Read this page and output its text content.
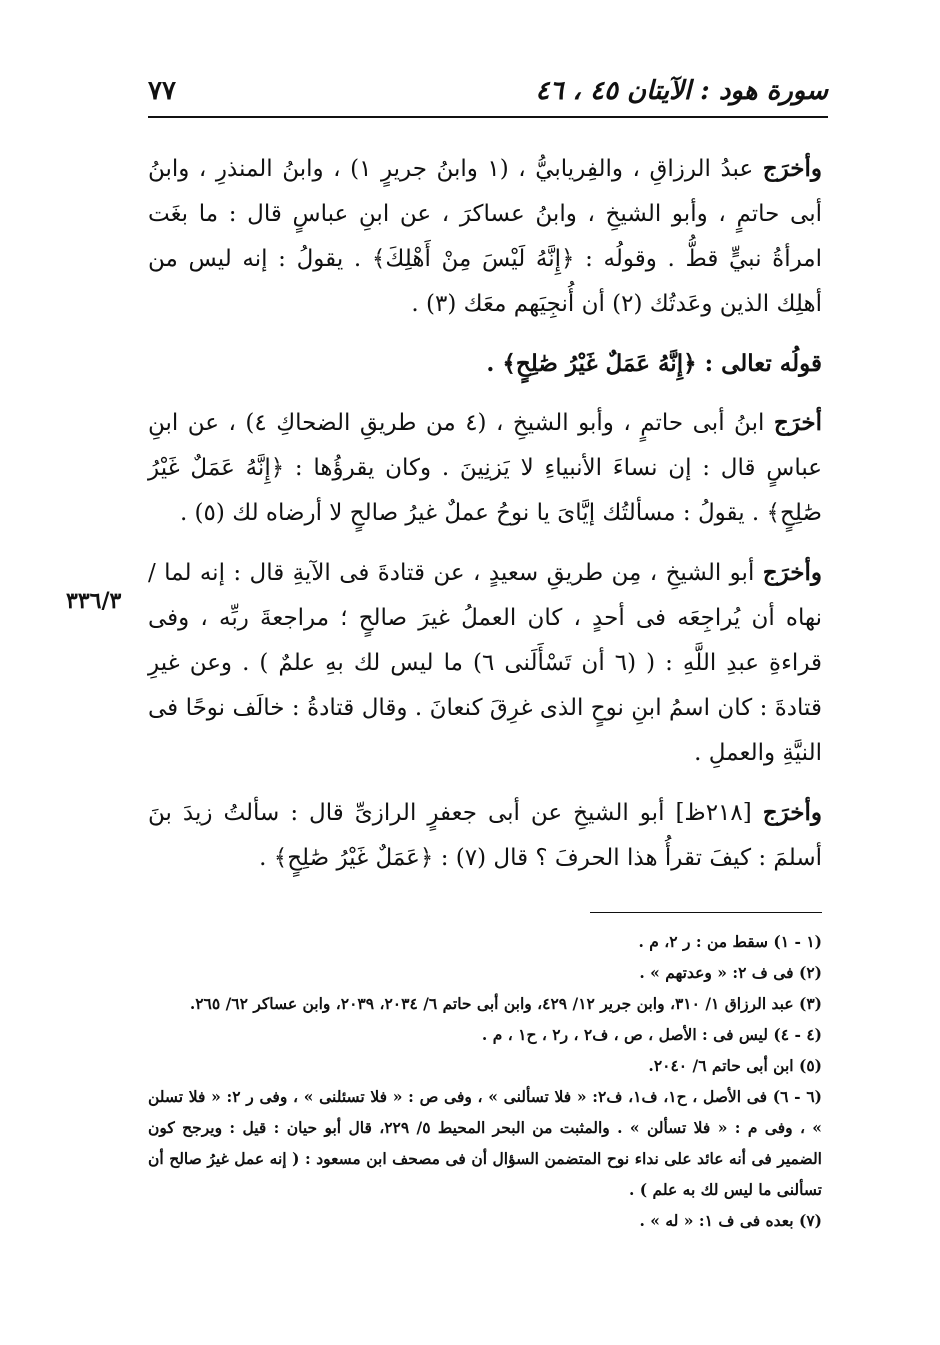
سورة هود : الآيتان ٤٥ ، ٤٦
٧٧
٣٣٦/٣

وأخرَج عبدُ الرزاقِ ، والفِريابيُّ ، (١ وابنُ جريرٍ ١) ، وابنُ المنذرِ ، وابنُ أبى حاتمٍ ، وأبو الشيخِ ، وابنُ عساكرَ ، عن ابنِ عباسٍ قال : ما بغَت امرأةُ نبيٍّ قطُّ . وقولُه : ﴿إِنَّهُ لَيْسَ مِنْ أَهْلِكَ﴾ . يقولُ : إنه ليس من أهلِك الذين وعَدتُك (٢) أن أُنجِيَهم معَك (٣) .

قولُه تعالى : ﴿إِنَّهُ عَمَلٌ غَيْرُ صَٰلِحٍ﴾ .

أخرَج ابنُ أبى حاتمٍ ، وأبو الشيخِ ، (٤ من طريقِ الضحاكِ ٤) ، عن ابنِ عباسٍ قال : إن نساءَ الأنبياءِ لا يَزنِينَ . وكان يقرؤُها : ﴿إِنَّهُ عَمَلٌ غَيْرُ صَٰلِحٍ﴾ . يقولُ : مسألتُك إيَّاىَ يا نوحُ عملٌ غيرُ صالحٍ لا أرضاه لك (٥) .

وأخرَج أبو الشيخِ ، مِن طريقِ سعيدٍ ، عن قتادةَ فى الآيةِ قال : إنه لما / نهاه أن يُراجِعَه فى أحدٍ ، كان العملُ غيرَ صالحٍ ؛ مراجعةَ ربِّه ، وفى قراءةِ عبدِ اللَّهِ : ( (٦ أن تَسْأَلَنى ٦) ما ليس لك بهِ علمٌ ) . وعن غيرِ قتادةَ : كان اسمُ ابنِ نوحٍ الذى غرِقَ كنعانَ . وقال قتادةُ : خالَف نوحًا فى النيَّةِ والعملِ .

وأخرَج [٢١٨ظ] أبو الشيخِ عن أبى جعفرٍ الرازىِّ قال : سألتُ زيدَ بنَ أسلمَ : كيفَ تقرأُ هذا الحرفَ ؟ قال (٧) : ﴿عَمَلٌ غَيْرُ صَٰلِحٍ﴾ .

(١ - ١) سقط من : ر ٢، م .

(٢) فى ف ٢: « وعدتهم » .

(٣) عبد الرزاق ١/ ٣١٠، وابن جرير ١٢/ ٤٢٩، وابن أبى حاتم ٦/ ٢٠٣٤، ٢٠٣٩، وابن عساكر ٦٢/ ٢٦٥.

(٤ - ٤) ليس فى : الأصل ، ص ، ف٢ ، ر٢ ، ح١ ، م .

(٥) ابن أبى حاتم ٦/ ٢٠٤٠.

(٦ - ٦) فى الأصل ، ح١، ف١، ف٢: « فلا تسألنى » ، وفى ص : « فلا تسئلنى » ، وفى ر ٢: « فلا تسلن » ، وفى م : « فلا تسألن » . والمثبت من البحر المحيط ٥/ ٢٢٩، قال أبو حيان : قيل : ويرجح كون الضمير فى أنه عائد على نداء نوح المتضمن السؤال أن فى مصحف ابن مسعود : ( إنه عمل غيرُ صالح أن تسألنى ما ليس لك به علم ) .

(٧) بعده فى ف ١: « له » .
